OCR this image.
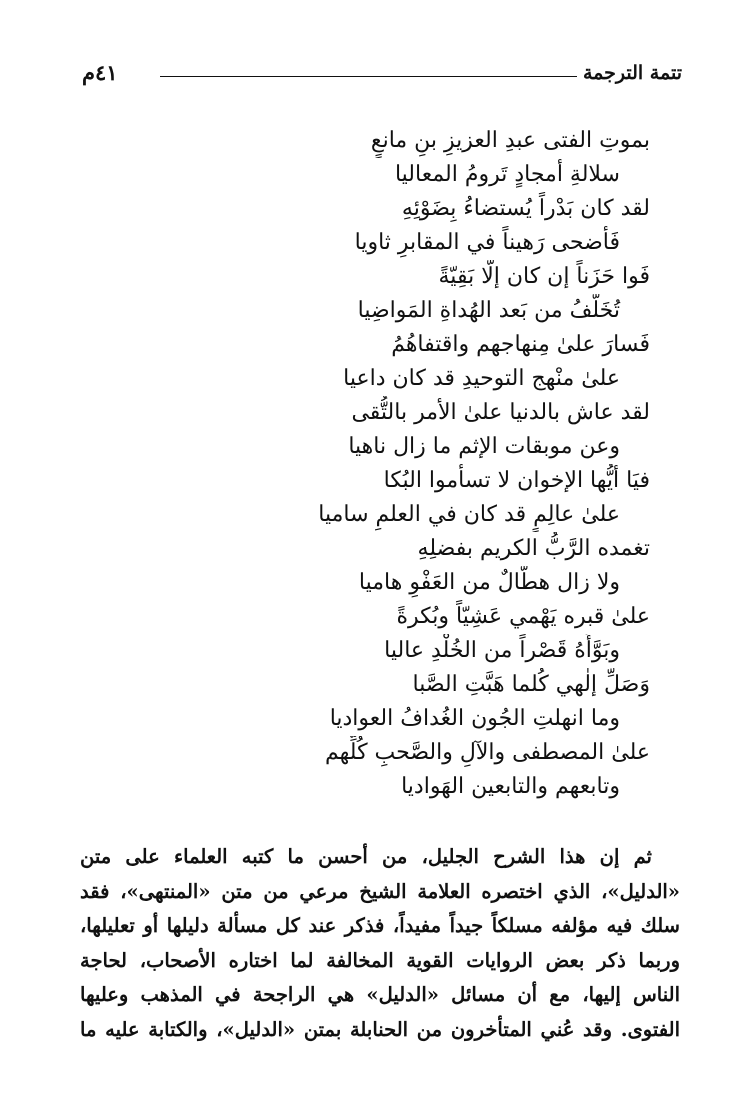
تتمة الترجمة
٤١م
بموتِ الفتى عبدِ العزيزِ بنِ مانعٍ
سلالةِ أمجادٍ تَرومُ المعاليا
لقد كان بَدْراً يُستضاءُ بِضَوْئِهِ
فَأضحى رَهيناً في المقابرِ ثاويا
فَوا حَزَناً إن كان إلّا بَقِيّةً
تُخَلَّفُ من بَعد الهُداةِ المَواضِيا
فَسارَ علىٰ مِنهاجهم واقتفاهُمُ
علىٰ منْهج التوحيدِ قد كان داعيا
لقد عاش بالدنيا علىٰ الأمر بالتُّقى
وعن موبقات الإثم ما زال ناهيا
فيَا أيُّها الإخوان لا تسأموا البُكا
علىٰ عالِمٍ قد كان في العلمِ ساميا
تغمده الرَّبُّ الكريم بفضلِهِ
ولا زال هطّالٌ من العَفْوِ هاميا
علىٰ قبره يَهْمي عَشِيّاً وبُكرةً
وبَوَّأَهُ قَصْراً من الخُلْدِ عاليا
وَصَلِّ إلٰهي كُلما هَبَّتِ الصَّبا
وما انهلتِ الجُون الغُدافُ العواديا
علىٰ المصطفى والآلِ والصَّحبِ كُلِّهم
وتابعهم والتابعين الهَواديا
ثم إن هذا الشرح الجليل، من أحسن ما كتبه العلماء على متن
«الدليل»، الذي اختصره العلامة الشيخ مرعي من متن «المنتهى»، فقد
سلك فيه مؤلفه مسلكاً جيداً مفيداً، فذكر عند كل مسألة دليلها أو تعليلها،
وربما ذكر بعض الروايات القوية المخالفة لما اختاره الأصحاب، لحاجة
الناس إليها، مع أن مسائل «الدليل» هي الراجحة في المذهب وعليها
الفتوى. وقد عُني المتأخرون من الحنابلة بمتن «الدليل»، والكتابة عليه ما
